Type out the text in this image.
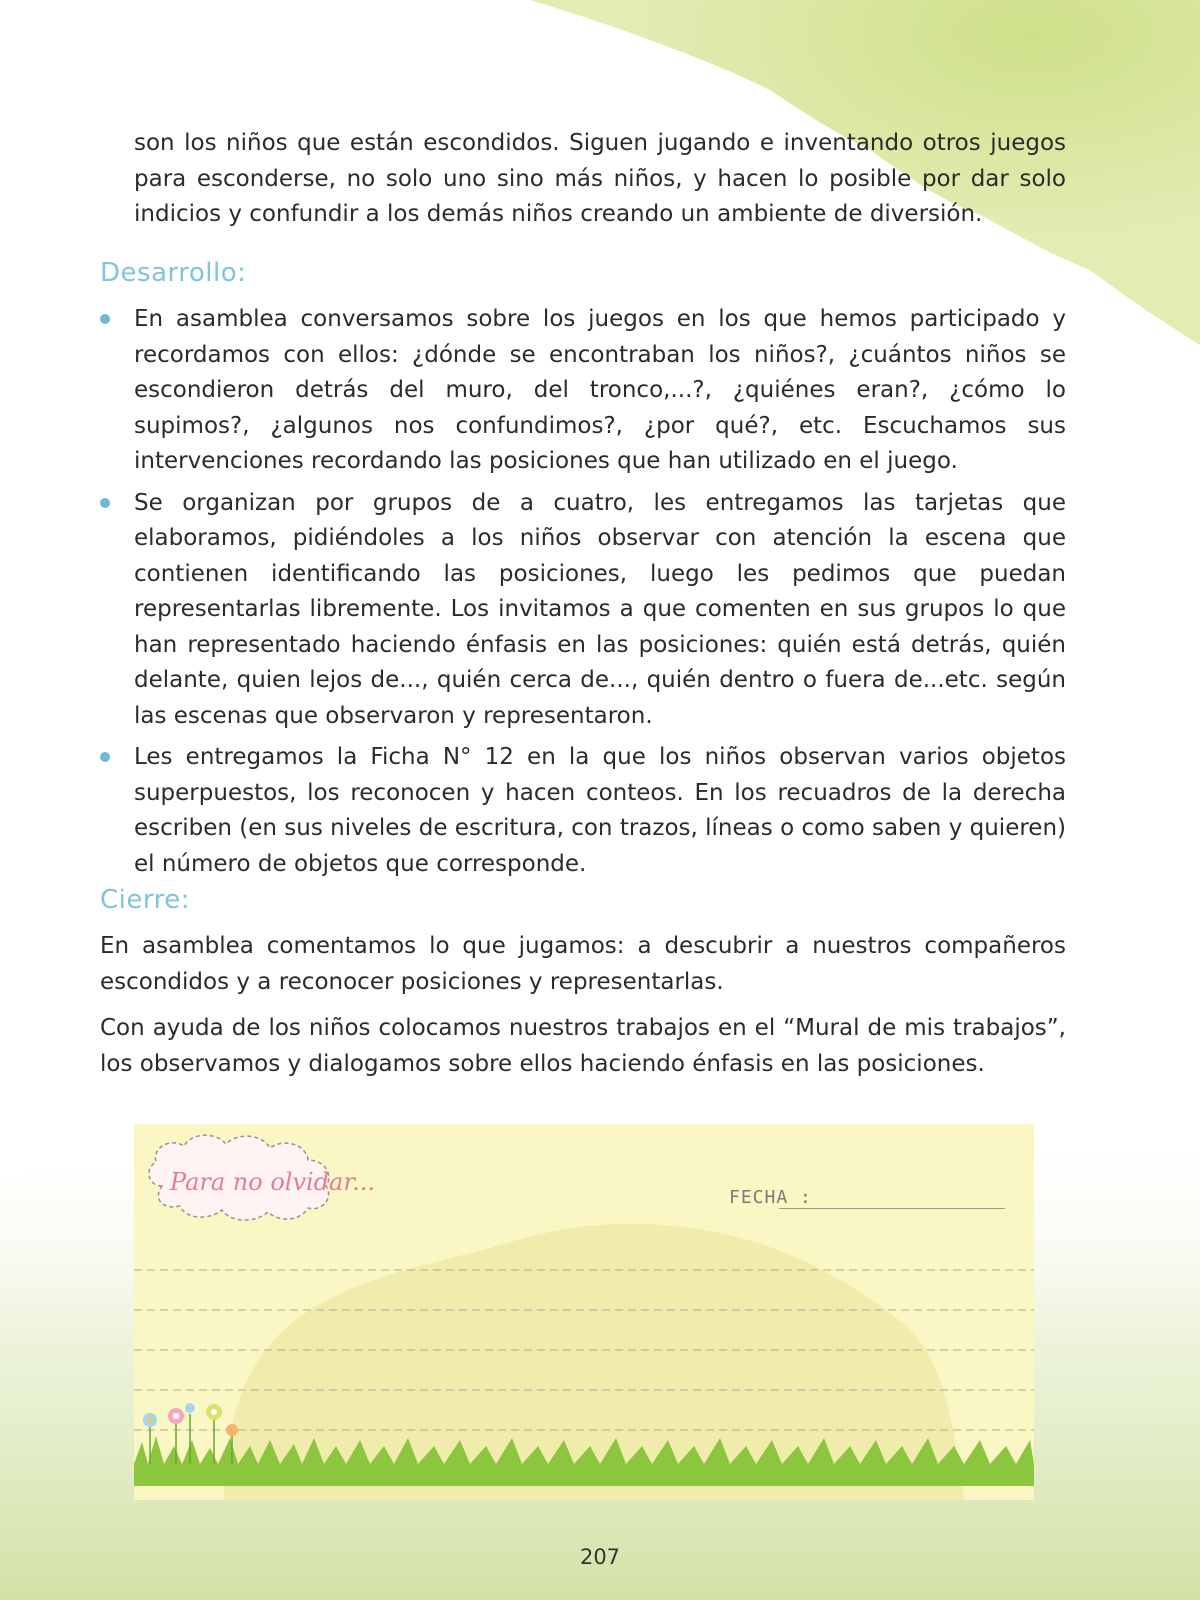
son los niños que están escondidos. Siguen jugando e inventando otros juegos para esconderse, no solo uno sino más niños, y hacen lo posible por dar solo indicios y confundir a los demás niños creando un ambiente de diversión.

Desarrollo:
En asamblea conversamos sobre los juegos en los que hemos participado y recordamos con ellos: ¿dónde se encontraban los niños?, ¿cuántos niños se escondieron detrás del muro, del tronco,...?, ¿quiénes eran?, ¿cómo lo supimos?, ¿algunos nos confundimos?, ¿por qué?, etc. Escuchamos sus intervenciones recordando las posiciones que han utilizado en el juego.
Se organizan por grupos de a cuatro, les entregamos las tarjetas que elaboramos, pidiéndoles a los niños observar con atención la escena que contienen identificando las posiciones, luego les pedimos que puedan representarlas libremente. Los invitamos a que comenten en sus grupos lo que han representado haciendo énfasis en las posiciones: quién está detrás, quién delante, quien lejos de..., quién cerca de..., quién dentro o fuera de...etc. según las escenas que observaron y representaron.
Les entregamos la Ficha N° 12 en la que los niños observan varios objetos superpuestos, los reconocen y hacen conteos. En los recuadros de la derecha escriben (en sus niveles de escritura, con trazos, líneas o como saben y quieren) el número de objetos que corresponde.
Cierre:

En asamblea comentamos lo que jugamos: a descubrir a nuestros compañeros escondidos y a reconocer posiciones y representarlas.

Con ayuda de los niños colocamos nuestros trabajos en el “Mural de mis trabajos”, los observamos y dialogamos sobre ellos haciendo énfasis en las posiciones.

Para no olvidar...
FECHA :
207
